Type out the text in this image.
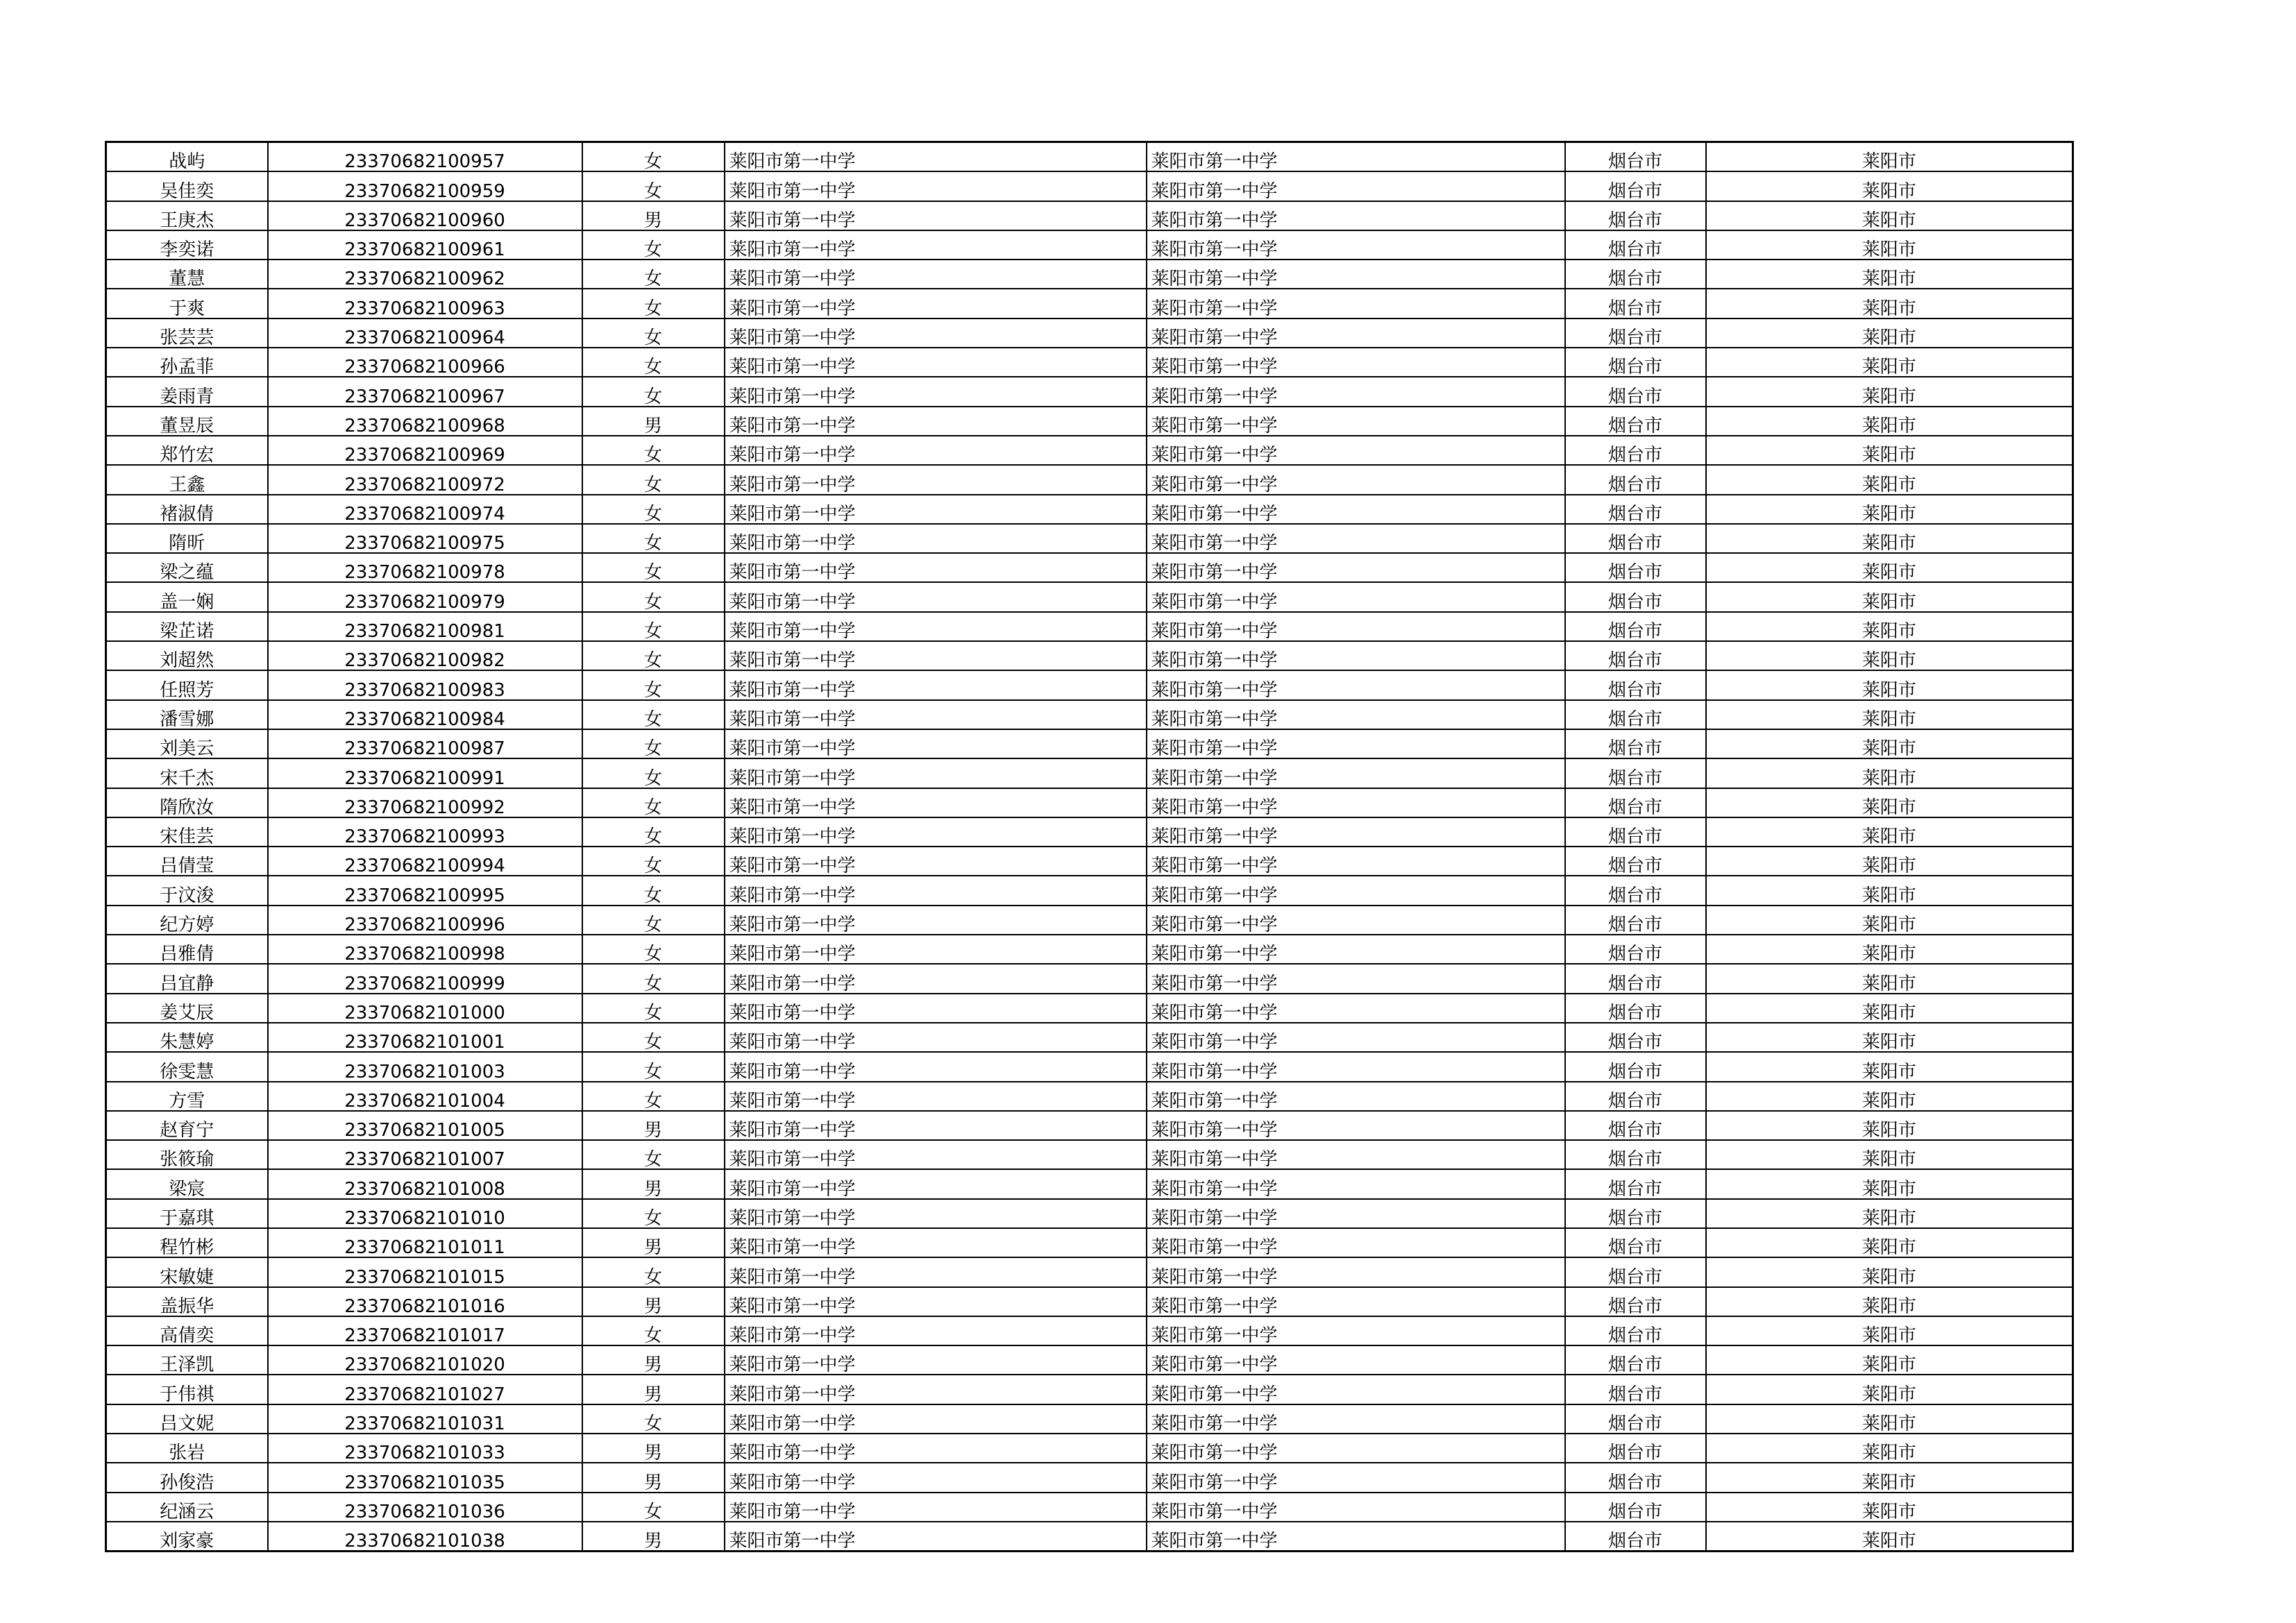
战屿	23370682100957	女	莱阳市第一中学	莱阳市第一中学	烟台市	莱阳市
吴佳奕	23370682100959	女	莱阳市第一中学	莱阳市第一中学	烟台市	莱阳市
王庚杰	23370682100960	男	莱阳市第一中学	莱阳市第一中学	烟台市	莱阳市
李奕诺	23370682100961	女	莱阳市第一中学	莱阳市第一中学	烟台市	莱阳市
董慧	23370682100962	女	莱阳市第一中学	莱阳市第一中学	烟台市	莱阳市
于爽	23370682100963	女	莱阳市第一中学	莱阳市第一中学	烟台市	莱阳市
张芸芸	23370682100964	女	莱阳市第一中学	莱阳市第一中学	烟台市	莱阳市
孙孟菲	23370682100966	女	莱阳市第一中学	莱阳市第一中学	烟台市	莱阳市
姜雨青	23370682100967	女	莱阳市第一中学	莱阳市第一中学	烟台市	莱阳市
董昱辰	23370682100968	男	莱阳市第一中学	莱阳市第一中学	烟台市	莱阳市
郑竹宏	23370682100969	女	莱阳市第一中学	莱阳市第一中学	烟台市	莱阳市
王鑫	23370682100972	女	莱阳市第一中学	莱阳市第一中学	烟台市	莱阳市
褚淑倩	23370682100974	女	莱阳市第一中学	莱阳市第一中学	烟台市	莱阳市
隋昕	23370682100975	女	莱阳市第一中学	莱阳市第一中学	烟台市	莱阳市
梁之蕴	23370682100978	女	莱阳市第一中学	莱阳市第一中学	烟台市	莱阳市
盖一娴	23370682100979	女	莱阳市第一中学	莱阳市第一中学	烟台市	莱阳市
梁芷诺	23370682100981	女	莱阳市第一中学	莱阳市第一中学	烟台市	莱阳市
刘超然	23370682100982	女	莱阳市第一中学	莱阳市第一中学	烟台市	莱阳市
任照芳	23370682100983	女	莱阳市第一中学	莱阳市第一中学	烟台市	莱阳市
潘雪娜	23370682100984	女	莱阳市第一中学	莱阳市第一中学	烟台市	莱阳市
刘美云	23370682100987	女	莱阳市第一中学	莱阳市第一中学	烟台市	莱阳市
宋千杰	23370682100991	女	莱阳市第一中学	莱阳市第一中学	烟台市	莱阳市
隋欣汝	23370682100992	女	莱阳市第一中学	莱阳市第一中学	烟台市	莱阳市
宋佳芸	23370682100993	女	莱阳市第一中学	莱阳市第一中学	烟台市	莱阳市
吕倩莹	23370682100994	女	莱阳市第一中学	莱阳市第一中学	烟台市	莱阳市
于汶浚	23370682100995	女	莱阳市第一中学	莱阳市第一中学	烟台市	莱阳市
纪方婷	23370682100996	女	莱阳市第一中学	莱阳市第一中学	烟台市	莱阳市
吕雅倩	23370682100998	女	莱阳市第一中学	莱阳市第一中学	烟台市	莱阳市
吕宜静	23370682100999	女	莱阳市第一中学	莱阳市第一中学	烟台市	莱阳市
姜艾辰	23370682101000	女	莱阳市第一中学	莱阳市第一中学	烟台市	莱阳市
朱慧婷	23370682101001	女	莱阳市第一中学	莱阳市第一中学	烟台市	莱阳市
徐雯慧	23370682101003	女	莱阳市第一中学	莱阳市第一中学	烟台市	莱阳市
方雪	23370682101004	女	莱阳市第一中学	莱阳市第一中学	烟台市	莱阳市
赵育宁	23370682101005	男	莱阳市第一中学	莱阳市第一中学	烟台市	莱阳市
张筱瑜	23370682101007	女	莱阳市第一中学	莱阳市第一中学	烟台市	莱阳市
梁宸	23370682101008	男	莱阳市第一中学	莱阳市第一中学	烟台市	莱阳市
于嘉琪	23370682101010	女	莱阳市第一中学	莱阳市第一中学	烟台市	莱阳市
程竹彬	23370682101011	男	莱阳市第一中学	莱阳市第一中学	烟台市	莱阳市
宋敏婕	23370682101015	女	莱阳市第一中学	莱阳市第一中学	烟台市	莱阳市
盖振华	23370682101016	男	莱阳市第一中学	莱阳市第一中学	烟台市	莱阳市
高倩奕	23370682101017	女	莱阳市第一中学	莱阳市第一中学	烟台市	莱阳市
王泽凯	23370682101020	男	莱阳市第一中学	莱阳市第一中学	烟台市	莱阳市
于伟祺	23370682101027	男	莱阳市第一中学	莱阳市第一中学	烟台市	莱阳市
吕文妮	23370682101031	女	莱阳市第一中学	莱阳市第一中学	烟台市	莱阳市
张岩	23370682101033	男	莱阳市第一中学	莱阳市第一中学	烟台市	莱阳市
孙俊浩	23370682101035	男	莱阳市第一中学	莱阳市第一中学	烟台市	莱阳市
纪涵云	23370682101036	女	莱阳市第一中学	莱阳市第一中学	烟台市	莱阳市
刘家豪	23370682101038	男	莱阳市第一中学	莱阳市第一中学	烟台市	莱阳市
